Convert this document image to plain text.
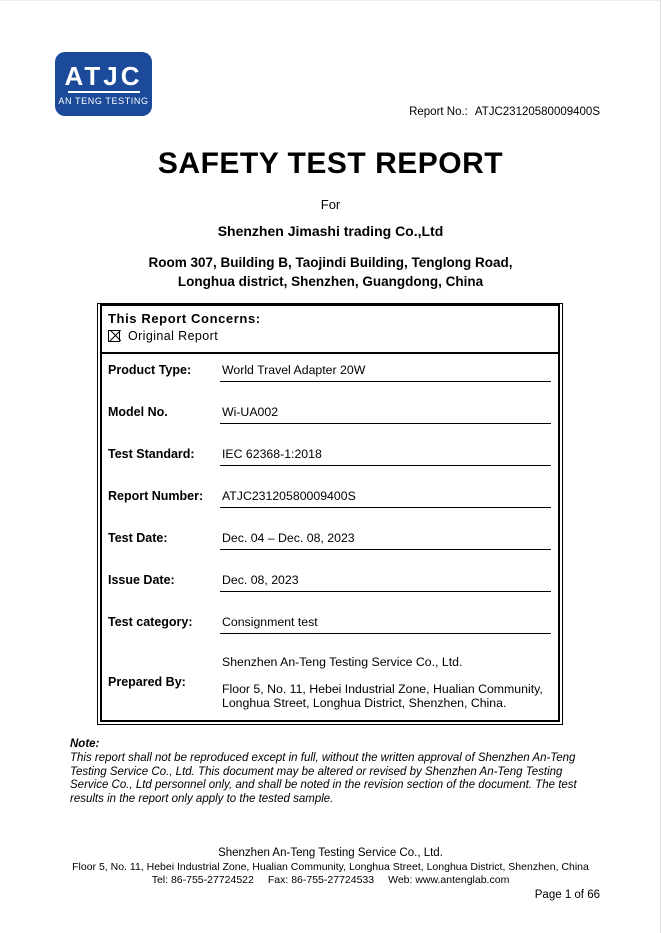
ATJC
AN TENG TESTING
Report No.: ATJC23120580009400S
SAFETY TEST REPORT
For
Shenzhen Jimashi trading Co.,Ltd
Room 307, Building B, Taojindi Building, Tenglong Road,
Longhua district, Shenzhen, Guangdong, China
This Report Concerns:
Original Report
Product Type:	World Travel Adapter 20W
Model No.	Wi-UA002
Test Standard:	IEC 62368-1:2018
Report Number:	ATJC23120580009400S
Test Date:	Dec. 04 – Dec. 08, 2023
Issue Date:	Dec. 08, 2023
Test category:	Consignment test
Prepared By:
Shenzhen An-Teng Testing Service Co., Ltd.
Floor 5, No. 11, Hebei Industrial Zone, Hualian Community, Longhua Street, Longhua District, Shenzhen, China.
Note:
This report shall not be reproduced except in full, without the written approval of Shenzhen An-Teng Testing Service Co., Ltd. This document may be altered or revised by Shenzhen An-Teng Testing Service Co., Ltd personnel only, and shall be noted in the revision section of the document. The test results in the report only apply to the tested sample.
Shenzhen An-Teng Testing Service Co., Ltd.
Floor 5, No. 11, Hebei Industrial Zone, Hualian Community, Longhua Street, Longhua District, Shenzhen, China
Tel: 86-755-27724522 Fax: 86-755-27724533 Web: www.antenglab.com
Page 1 of 66
